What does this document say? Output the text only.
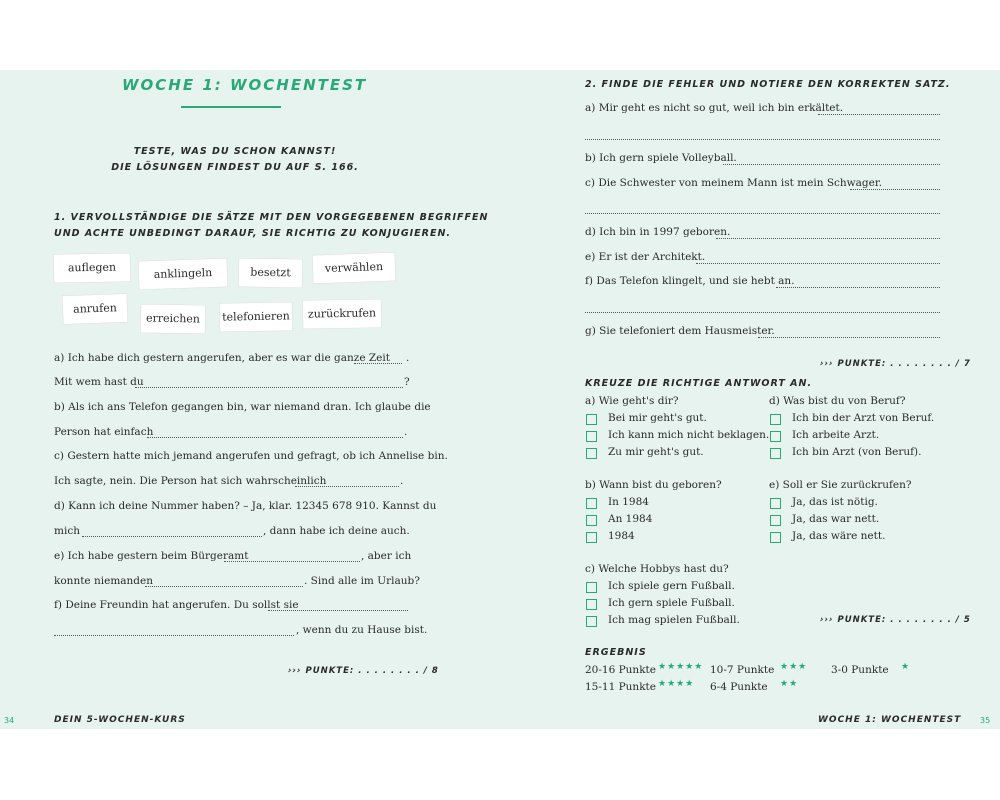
WOCHE 1: WOCHENTEST
TESTE, WAS DU SCHON KANNST!
DIE LÖSUNGEN FINDEST DU AUF S. 166.
1. VERVOLLSTÄNDIGE DIE SÄTZE MIT DEN VORGEGEBENEN BEGRIFFEN
UND ACHTE UNBEDINGT DARAUF, SIE RICHTIG ZU KONJUGIEREN.
auflegen	anklingeln	besetzt	verwählen
anrufen
erreichen	telefonieren	zurückrufen
a) Ich habe dich gestern angerufen, aber es war die ganze Zeit .
Mit wem hast du	?
b) Als ich ans Telefon gegangen bin, war niemand dran. Ich glaube die
Person hat einfach	.
c) Gestern hatte mich jemand angerufen und gefragt, ob ich Annelise bin.
Ich sagte, nein. Die Person hat sich wahrscheinlich	.
d) Kann ich deine Nummer haben? – Ja, klar. 12345 678 910. Kannst du
mich	, dann habe ich deine auch.
e) Ich habe gestern beim Bürgeramt	, aber ich
konnte niemanden	. Sind alle im Urlaub?
f) Deine Freundin hat angerufen. Du sollst sie
, wenn du zu Hause bist.
››› PUNKTE: . . . . . . . . / 8
34	DEIN 5-WOCHEN-KURS
2. FINDE DIE FEHLER UND NOTIERE DEN KORREKTEN SATZ.
a) Mir geht es nicht so gut, weil ich bin erkältet.
b) Ich gern spiele Volleyball.
c) Die Schwester von meinem Mann ist mein Schwager.
d) Ich bin in 1997 geboren.
e) Er ist der Architekt.
f) Das Telefon klingelt, und sie hebt an.
g) Sie telefoniert dem Hausmeister.
››› PUNKTE: . . . . . . . . / 7
KREUZE DIE RICHTIGE ANTWORT AN.
a) Wie geht's dir?
Bei mir geht's gut.
Ich kann mich nicht beklagen.
Zu mir geht's gut.
d) Was bist du von Beruf?
Ich bin der Arzt von Beruf.
Ich arbeite Arzt.
Ich bin Arzt (von Beruf).
b) Wann bist du geboren?
In 1984
An 1984
1984
e) Soll er Sie zurückrufen?
Ja, das ist nötig.
Ja, das war nett.
Ja, das wäre nett.
c) Welche Hobbys hast du?
Ich spiele gern Fußball.
Ich gern spiele Fußball.
Ich mag spielen Fußball.	››› PUNKTE: . . . . . . . . / 5
ERGEBNIS
20-16 Punkte ★★★★★ 10-7 Punkte ★★★ 3-0 Punkte ★
15-11 Punkte ★★★★ 6-4 Punkte ★★
WOCHE 1: WOCHENTEST 35
